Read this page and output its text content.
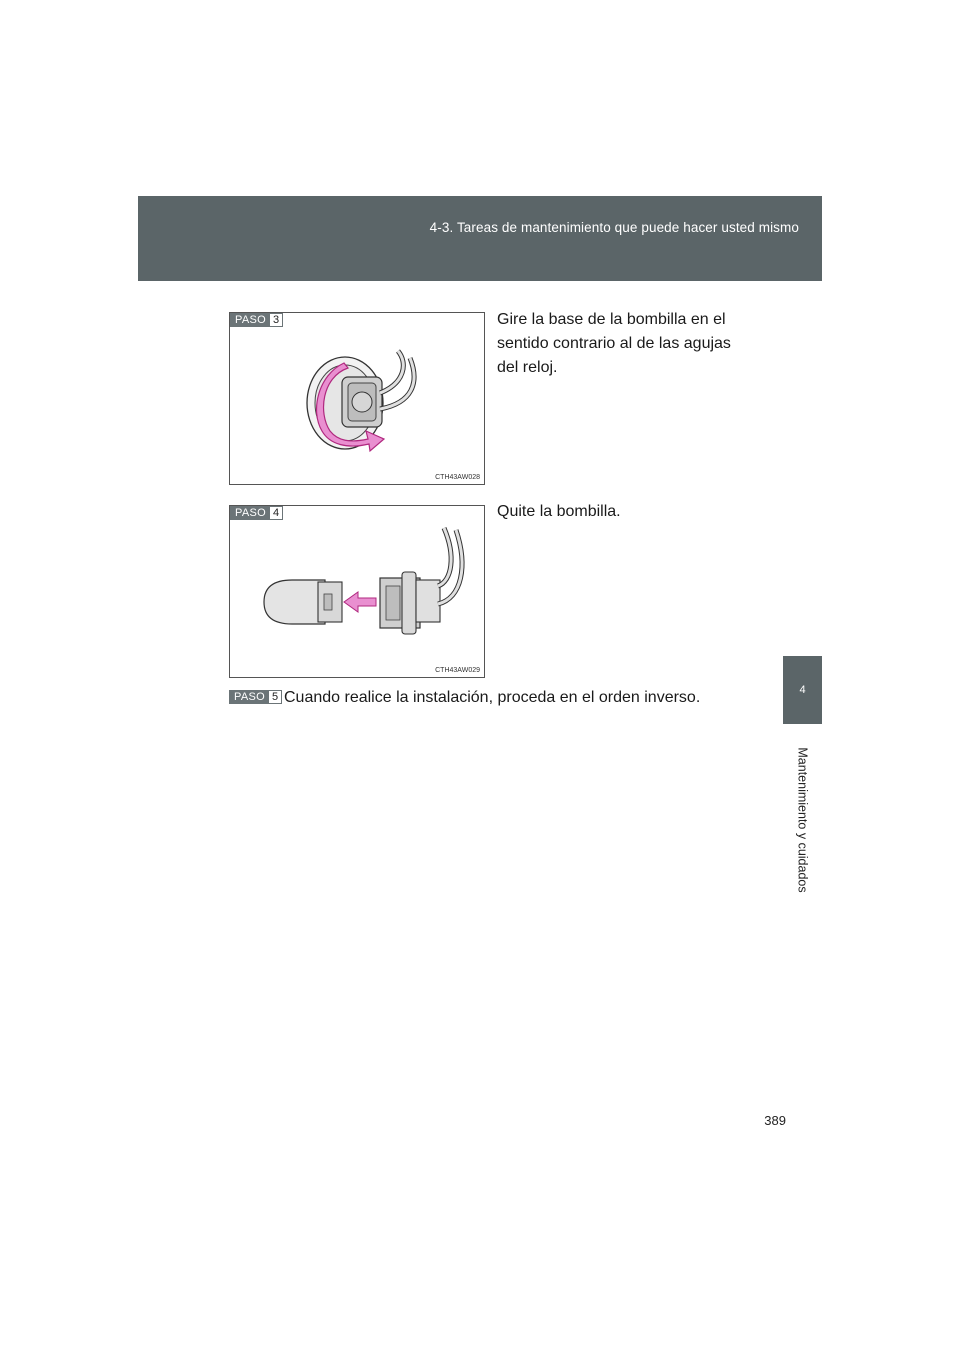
4-3. Tareas de mantenimiento que puede hacer usted mismo
4
Mantenimiento y cuidados
PASO 3
CTH43AW028
Gire la base de la bombilla en el sentido contrario al de las agujas del reloj.
PASO 4
CTH43AW029
Quite la bombilla.
PASO 5 Cuando realice la instalación, proceda en el orden inverso.
389
